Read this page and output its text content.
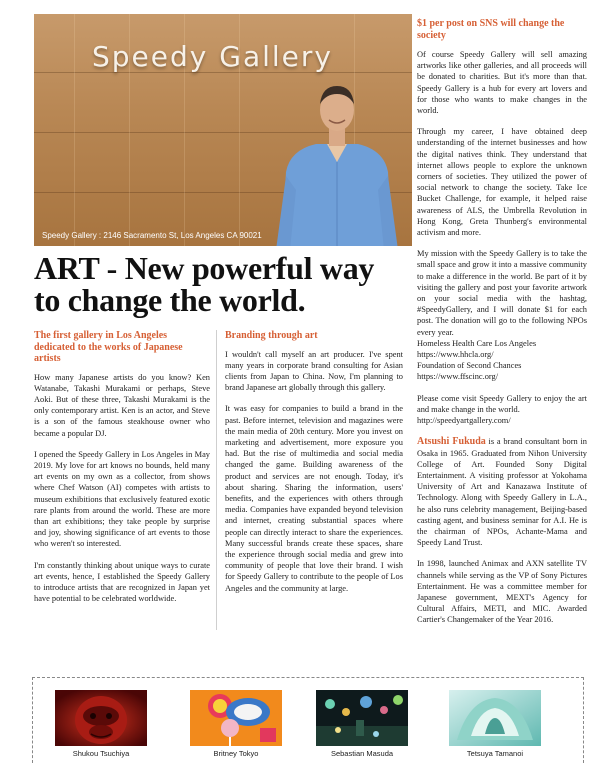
Speedy Gallery
Speedy Gallery : 2146 Sacramento St, Los Angeles CA 90021
ART - New powerful way
to change the world.
The first gallery in Los Angeles dedicated to the works of Japanese artists

How many Japanese artists do you know? Ken Watanabe, Takashi Murakami or perhaps, Steve Aoki. But of these three, Takashi Murakami is the only contemporary artist. Ken is an actor, and Steve is a son of the famous steakhouse owner who became a popular DJ.

I opened the Speedy Gallery in Los Angeles in May 2019. My love for art knows no bounds, held many art events on my own as a collector, from shows where Chef Watson (AI) competes with artists to museum exhibitions that exclusively featured exotic rare plants from around the world. These are more than art exhibitions; they take people by surprise and joy, showing significance of art events to those who weren't so interested.

I'm constantly thinking about unique ways to curate art events, hence, I established the Speedy Gallery to introduce artists that are recognized in Japan yet have potential to be celebrated worldwide.

Branding through art

I wouldn't call myself an art producer. I've spent many years in corporate brand consulting for Asian clients from Japan to China. Now, I'm planning to brand Japanese art globally through this gallery.

It was easy for companies to build a brand in the past. Before internet, television and magazines were the main media of 20th century. More you invest on marketing and advertisement, more exposure you had. But the rise of multimedia and social media changed the game. Building awareness of the product and services are not enough. Today, it's about sharing. Sharing the information, users' benefits, and the experiences with others through media. Companies have expanded beyond television and internet, creating substantial spaces where people can directly interact to share the experiences. Many successful brands create these spaces, share the experience through social media and grew into community of people that love their brand. I wish for Speedy Gallery to contribute to the people of Los Angeles and the community at large.

$1 per post on SNS will change the society

Of course Speedy Gallery will sell amazing artworks like other galleries, and all proceeds will be donated to charities. But it's more than that. Speedy Gallery is a hub for every art lovers and for those who wants to make changes in the world.

Through my career, I have obtained deep understanding of the internet businesses and how the digital natives think. They understand that internet allows people to explore the unknown corners of societies. They utilized the power of social network to change the society. Take Ice Bucket Challenge, for example, it helped raise awareness of ALS, the Umbrella Revolution in Hong Kong, Greta Thunberg's environmental activism and more.

My mission with the Speedy Gallery is to take the small space and grow it into a massive community to make a difference in the world. Be part of it by visiting the gallery and post your favorite artwork on your social media with the hashtag, #SpeedyGallery, and I will donate $1 for each post. The donation will go to the following NPOs every year.

Homeless Health Care Los Angeles
https://www.hhcla.org/
Foundation of Second Chances
https://www.ffscinc.org/

Please come visit Speedy Gallery to enjoy the art and make change in the world.

http://speedyartgallery.com/

Atsushi Fukuda is a brand consultant born in Osaka in 1965. Graduated from Nihon University College of Art. Founded Sony Digital Entertainment. A visiting professor at Yokohama University of Art and Kanazawa Institute of Technology. Along with Speedy Gallery in L.A., he also runs celebrity management, Beijing-based casting agent, and business seminar for A.I. He is the chairman of NPOs, Achante-Mama and Speedy Land Trust.

In 1998, launched Animax and AXN satellite TV channels while serving as the VP of Sony Pictures Entertainment. He was a committee member for Japanese government, MEXT's Agency for Cultural Affairs, METI, and MIC. Awarded Cartier's Changemaker of the Year 2016.

Shukou Tsuchiya	Britney Tokyo	Sebastian Masuda	Tetsuya Tamanoi
